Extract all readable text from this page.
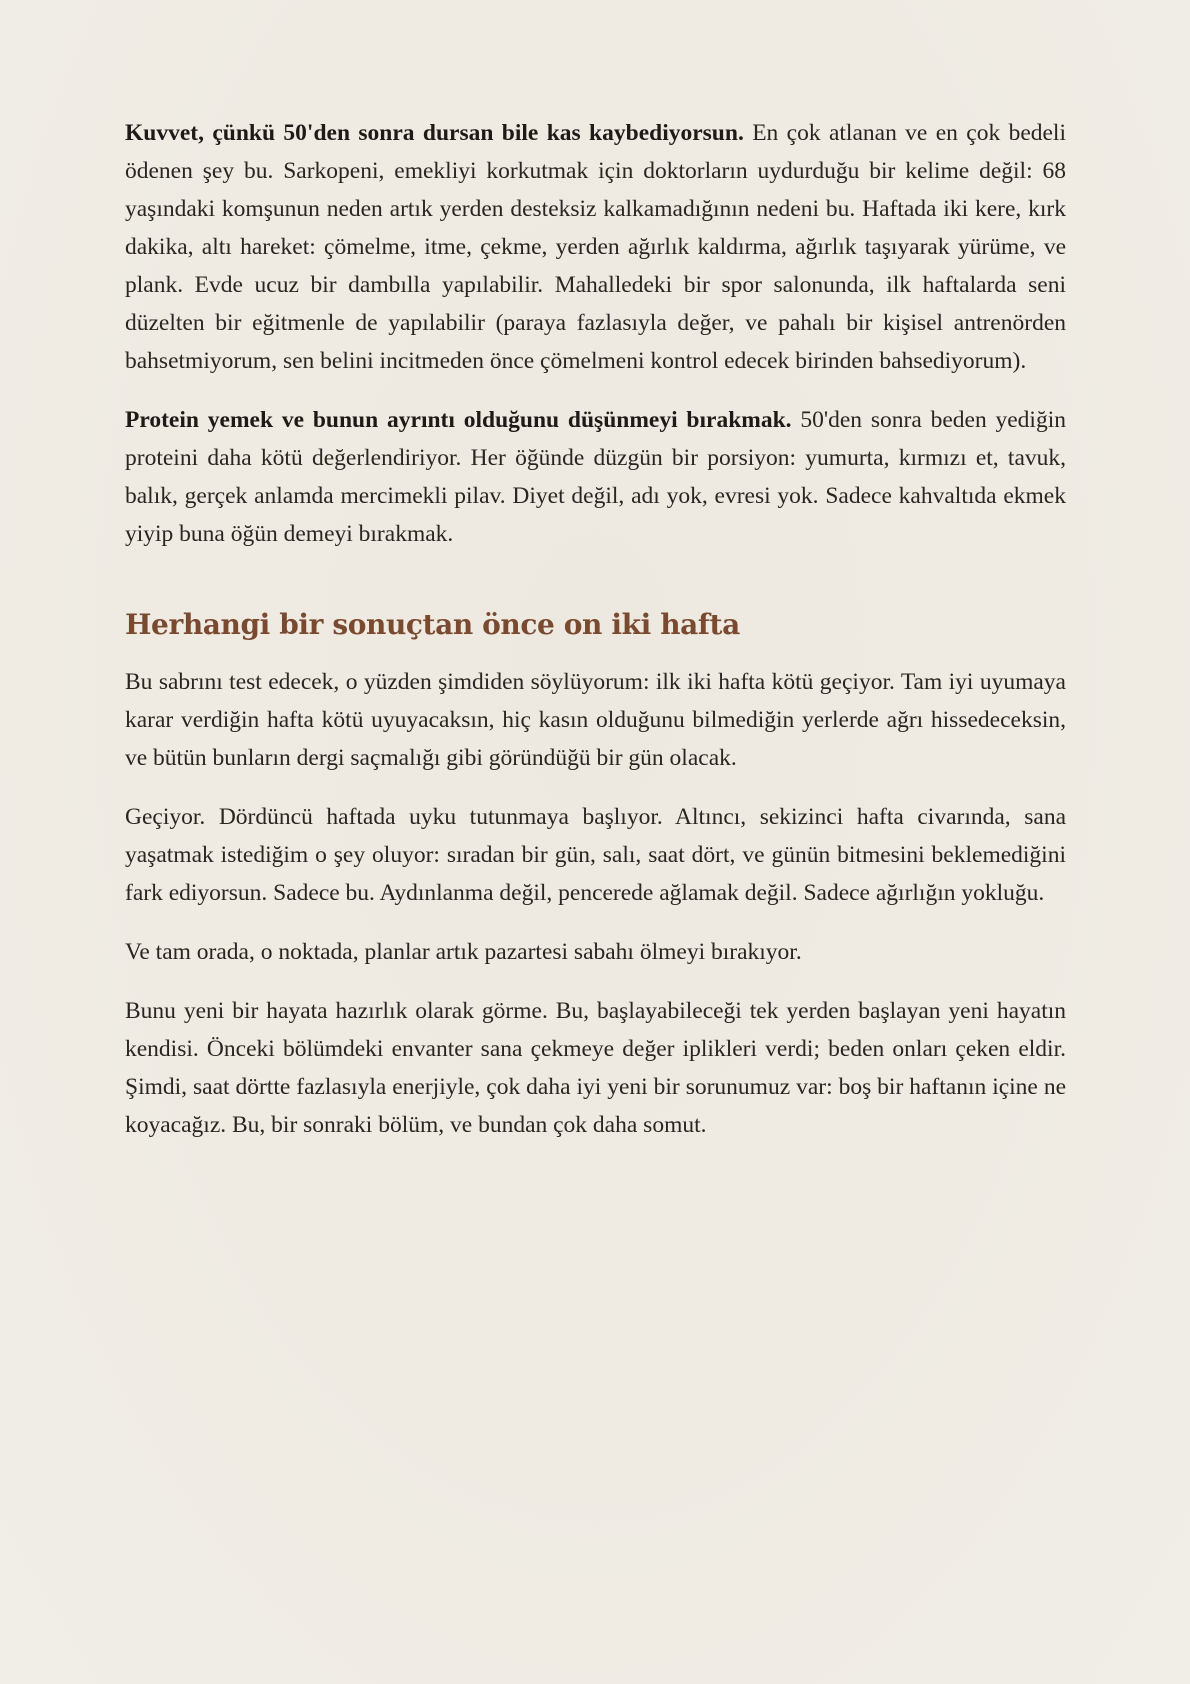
Kuvvet, çünkü 50'den sonra dursan bile kas kaybediyorsun. En çok atlanan ve en çok bedeli ödenen şey bu. Sarkopeni, emekliyi korkutmak için doktorların uydurduğu bir kelime değil: 68 yaşındaki komşunun neden artık yerden desteksiz kalkamadığının nedeni bu. Haftada iki kere, kırk dakika, altı hareket: çömelme, itme, çekme, yerden ağırlık kaldırma, ağırlık taşıyarak yürüme, ve plank. Evde ucuz bir dambılla yapılabilir. Mahalledeki bir spor salonunda, ilk haftalarda seni düzelten bir eğitmenle de yapılabilir (paraya fazlasıyla değer, ve pahalı bir kişisel antrenörden bahsetmiyorum, sen belini incitmeden önce çömelmeni kontrol edecek birinden bahsediyorum).

Protein yemek ve bunun ayrıntı olduğunu düşünmeyi bırakmak. 50'den sonra beden yediğin proteini daha kötü değerlendiriyor. Her öğünde düzgün bir porsiyon: yumurta, kırmızı et, tavuk, balık, gerçek anlamda mercimekli pilav. Diyet değil, adı yok, evresi yok. Sadece kahvaltıda ekmek yiyip buna öğün demeyi bırakmak.

Herhangi bir sonuçtan önce on iki hafta

Bu sabrını test edecek, o yüzden şimdiden söylüyorum: ilk iki hafta kötü geçiyor. Tam iyi uyumaya karar verdiğin hafta kötü uyuyacaksın, hiç kasın olduğunu bilmediğin yerlerde ağrı hissedeceksin, ve bütün bunların dergi saçmalığı gibi göründüğü bir gün olacak.

Geçiyor. Dördüncü haftada uyku tutunmaya başlıyor. Altıncı, sekizinci hafta civarında, sana yaşatmak istediğim o şey oluyor: sıradan bir gün, salı, saat dört, ve günün bitmesini beklemediğini fark ediyorsun. Sadece bu. Aydınlanma değil, pencerede ağlamak değil. Sadece ağırlığın yokluğu.

Ve tam orada, o noktada, planlar artık pazartesi sabahı ölmeyi bırakıyor.

Bunu yeni bir hayata hazırlık olarak görme. Bu, başlayabileceği tek yerden başlayan yeni hayatın kendisi. Önceki bölümdeki envanter sana çekmeye değer iplikleri verdi; beden onları çeken eldir. Şimdi, saat dörtte fazlasıyla enerjiyle, çok daha iyi yeni bir sorunumuz var: boş bir haftanın içine ne koyacağız. Bu, bir sonraki bölüm, ve bundan çok daha somut.
